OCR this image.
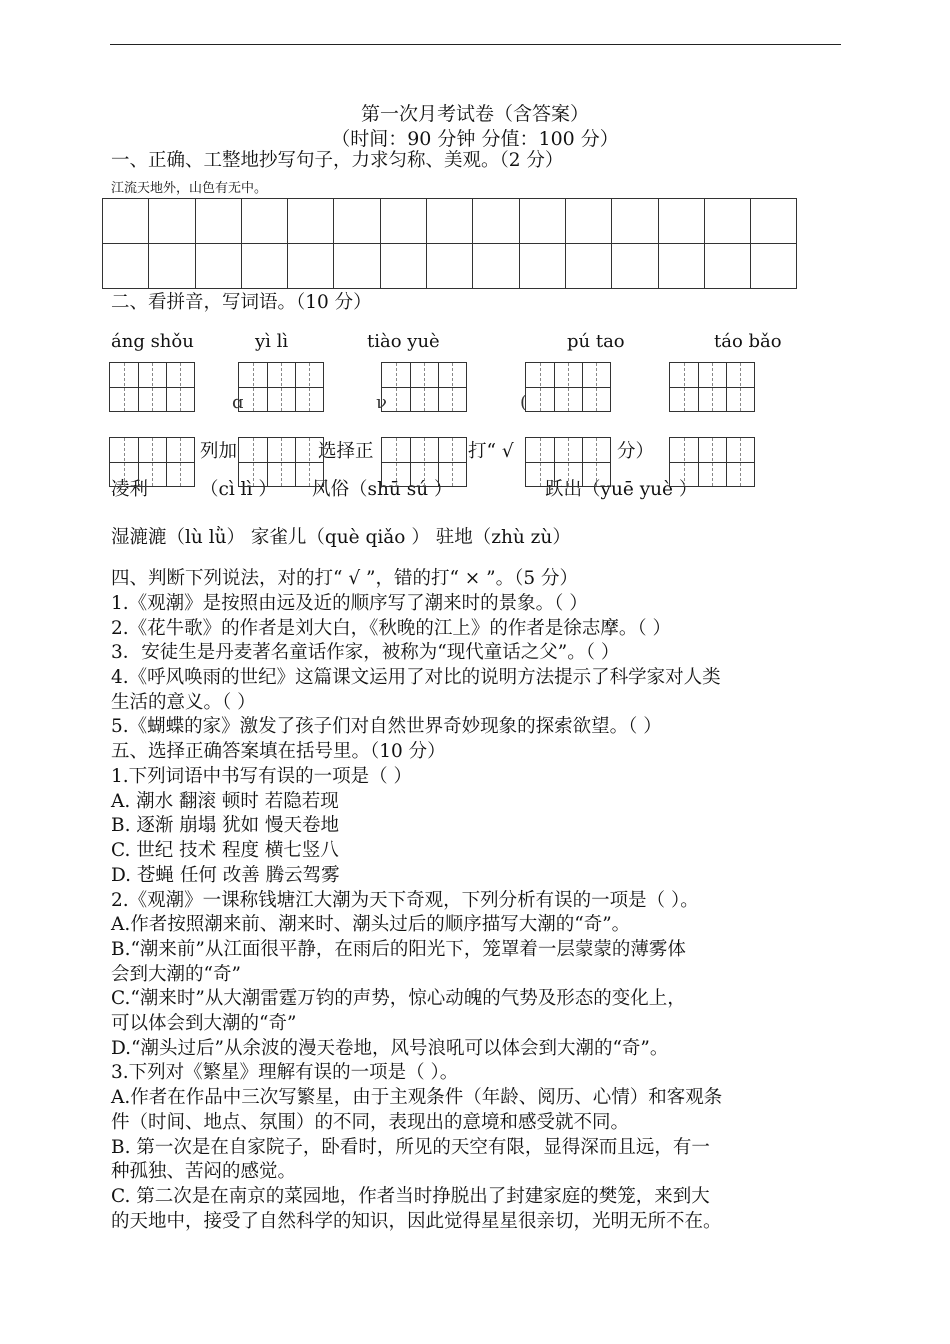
第一次月考试卷（含答案）
（时间：90 分钟 分值：100 分）
一、正确、工整地抄写句子，力求匀称、美观。（2 分）
江流天地外，山色有无中。

二、看拼音，写词语。（10 分）
áng shǒu	yì lì	tiào yuè	pú tao	táo bǎo
ɑ	ν	(
列加	选择正	打“ √	分）
凌利	（cì lì ） 风俗（shū sú ）	跃出（yuē yuè ）
湿漉漉（lù lǜ） 家雀儿（què qiǎo ） 驻地（zhù zù）
四、判断下列说法，对的打“ √ ”，错的打“ × ”。（5 分）
1.《观潮》是按照由远及近的顺序写了潮来时的景象。（ ）
2.《花牛歌》的作者是刘大白，《秋晚的江上》的作者是徐志摩。（ ）
3．安徒生是丹麦著名童话作家，被称为“现代童话之父”。（ ）
4.《呼风唤雨的世纪》这篇课文运用了对比的说明方法提示了科学家对人类
生活的意义。（ ）
5.《蝴蝶的家》激发了孩子们对自然世界奇妙现象的探索欲望。（ ）
五、选择正确答案填在括号里。（10 分）
1.下列词语中书写有误的一项是（ ）
A. 潮水 翻滚 顿时 若隐若现
B. 逐渐 崩塌 犹如 慢天卷地
C. 世纪 技术 程度 横七竖八
D. 苍蝇 任何 改善 腾云驾雾
2.《观潮》一课称钱塘江大潮为天下奇观，下列分析有误的一项是（ ）。
A.作者按照潮来前、潮来时、潮头过后的顺序描写大潮的“奇”。
B.“潮来前”从江面很平静，在雨后的阳光下，笼罩着一层蒙蒙的薄雾体
会到大潮的“奇”
C.“潮来时”从大潮雷霆万钧的声势，惊心动魄的气势及形态的变化上，
可以体会到大潮的“奇”
D.“潮头过后”从余波的漫天卷地，风号浪吼可以体会到大潮的“奇”。
3.下列对《繁星》理解有误的一项是（ ）。
A.作者在作品中三次写繁星，由于主观条件（年龄、阅历、心情）和客观条
件（时间、地点、氛围）的不同，表现出的意境和感受就不同。
B. 第一次是在自家院子，卧看时，所见的天空有限，显得深而且远，有一
种孤独、苦闷的感觉。
C. 第二次是在南京的菜园地，作者当时挣脱出了封建家庭的樊笼，来到大
的天地中，接受了自然科学的知识，因此觉得星星很亲切，光明无所不在。
